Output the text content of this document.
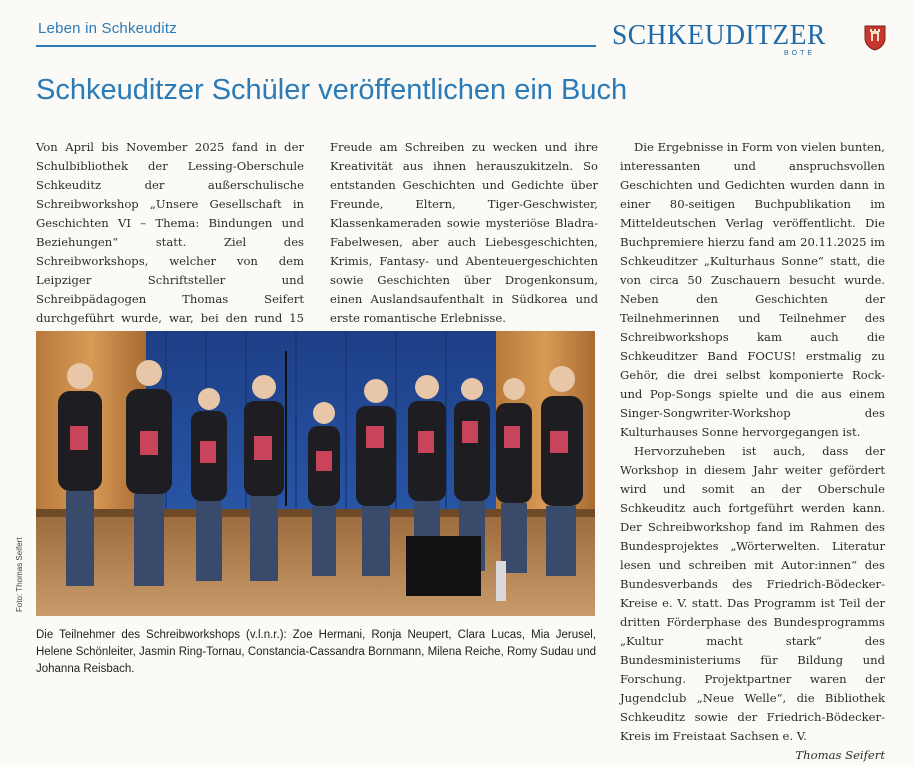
Leben in Schkeuditz	SCHKEUDITZER
BOTE
Schkeuditzer Schüler veröffentlichen ein Buch

Von April bis November 2025 fand in der Schulbibliothek der Lessing-Oberschule Schkeuditz der außerschulische Schreibworkshop „Unsere Gesellschaft in Geschichten VI – Thema: Bindungen und Beziehungen“ statt. Ziel des Schreibworkshops, welcher von dem Leipziger Schriftsteller und Schreibpädagogen Thomas Seifert durchgeführt wurde, war, bei den rund 15

Freude am Schreiben zu wecken und ihre Kreativität aus ihnen herauszukitzeln. So entstanden Geschichten und Gedichte über Freunde, Eltern, Tiger-Geschwister, Klassenkameraden sowie mysteriöse Bladra-Fabelwesen, aber auch Liebesgeschichten, Krimis, Fantasy- und Abenteuergeschichten sowie Geschichten über Drogenkonsum, einen Auslandsaufenthalt in Südkorea und erste romantische Erlebnisse.

Die Ergebnisse in Form von vielen bunten, interessanten und anspruchsvollen Geschichten und Gedichten wurden dann in einer 80-seitigen Buchpublikation im Mitteldeutschen Verlag veröffentlicht. Die Buchpremiere hierzu fand am 20.11.2025 im Schkeuditzer „Kulturhaus Sonne“ statt, die von circa 50 Zuschauern besucht wurde. Neben den Geschichten der Teilnehmerinnen und Teilnehmer des Schreibworkshops kam auch die Schkeuditzer Band FOCUS! erstmalig zu Gehör, die drei selbst komponierte Rock- und Pop-Songs spielte und die aus einem Singer-Songwriter-Workshop des Kulturhauses Sonne hervorgegangen ist.

Hervorzuheben ist auch, dass der Workshop in diesem Jahr weiter gefördert wird und somit an der Oberschule Schkeuditz auch fortgeführt werden kann. Der Schreibworkshop fand im Rahmen des Bundesprojektes „Wörterwelten. Literatur lesen und schreiben mit Autor:innen“ des Bundesverbands des Friedrich-Bödecker-Kreise e. V. statt. Das Programm ist Teil der dritten Förderphase des Bundesprogramms „Kultur macht stark“ des Bundesministeriums für Bildung und Forschung. Projektpartner waren der Jugendclub „Neue Welle“, die Bibliothek Schkeuditz sowie der Friedrich-Bödecker-Kreis im Freistaat Sachsen e. V.

Thomas Seifert
Foto: Thomas Seifert
Die Teilnehmer des Schreibworkshops (v.l.n.r.): Zoe Hermani, Ronja Neupert, Clara Lucas, Mia Jerusel, Helene Schönleiter, Jasmin Ring-Tornau, Constancia-Cassandra Bornmann, Milena Reiche, Romy Sudau und Johanna Reisbach.
